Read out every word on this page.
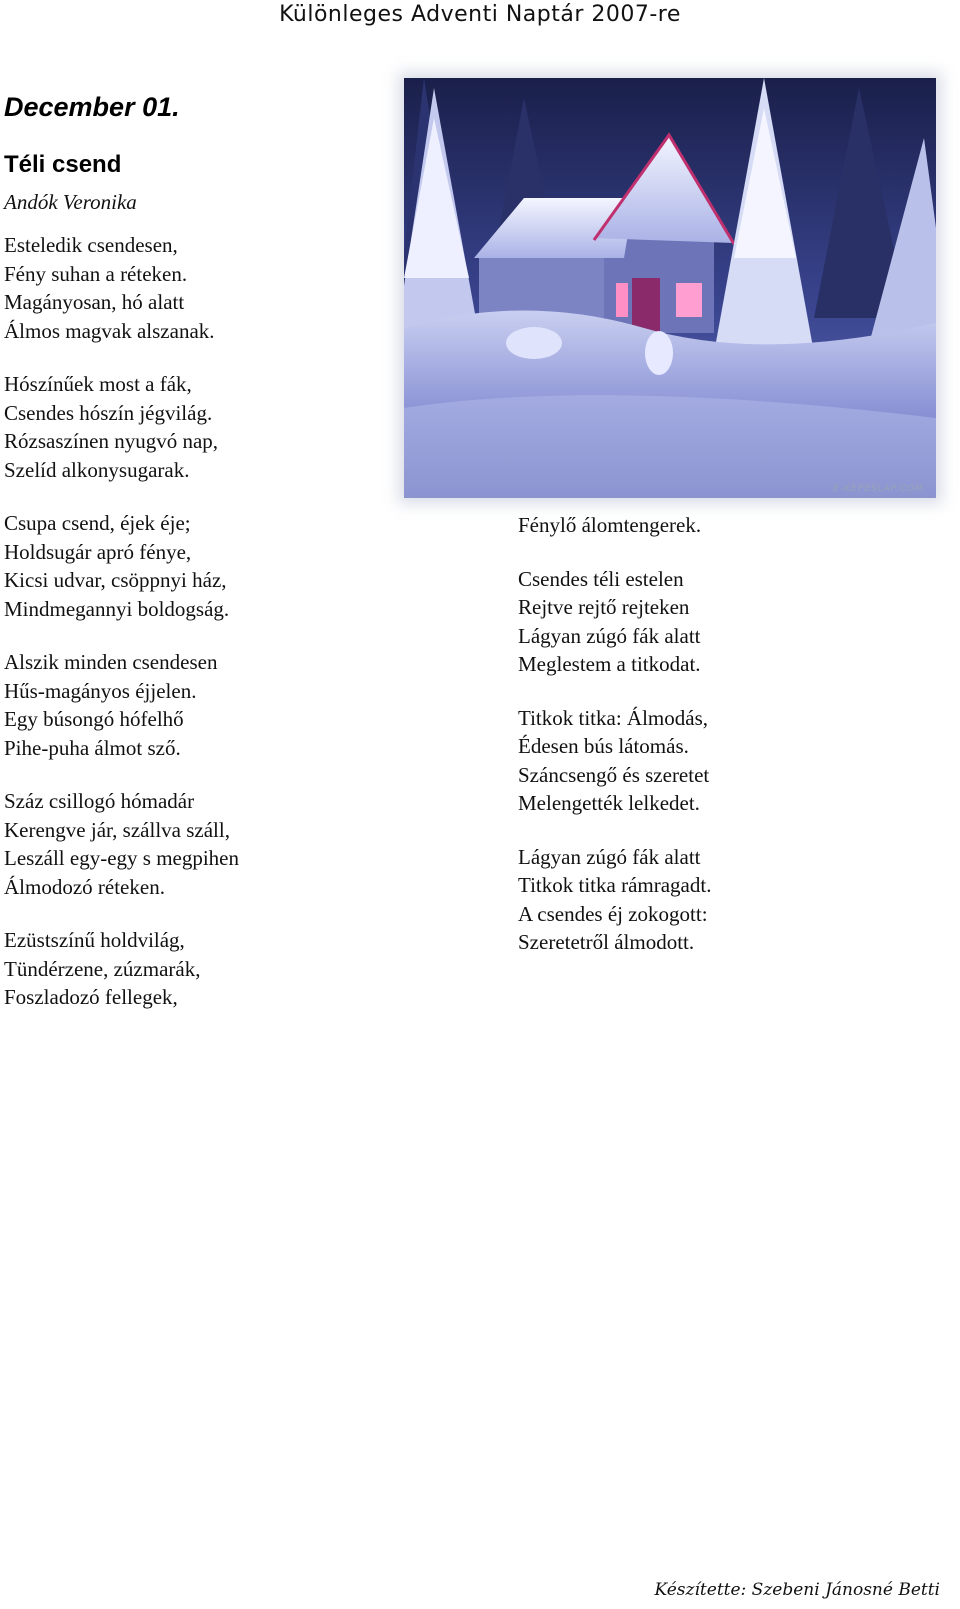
Különleges Adventi Naptár 2007-re
December 01.
Téli csend
Andók Veronika
Esteledik csendesen,
Fény suhan a réteken.
Magányosan, hó alatt
Álmos magvak alszanak.
Hószínűek most a fák,
Csendes hószín jégvilág.
Rózsaszínen nyugvó nap,
Szelíd alkonysugarak.
Csupa csend, éjek éje;
Holdsugár apró fénye,
Kicsi udvar, csöppnyi ház,
Mindmegannyi boldogság.
Alszik minden csendesen
Hűs-magányos éjjelen.
Egy búsongó hófelhő
Pihe-puha álmot sző.
Száz csillogó hómadár
Kerengve jár, szállva száll,
Leszáll egy-egy s megpihen
Álmodozó réteken.
Ezüstszínű holdvilág,
Tündérzene, zúzmarák,
Foszladozó fellegek,
Fénylő álomtengerek.
Csendes téli estelen
Rejtve rejtő rejteken
Lágyan zúgó fák alatt
Meglestem a titkodat.
Titkok titka: Álmodás,
Édesen bús látomás.
Száncsengő és szeretet
Melengették lelkedet.
Lágyan zúgó fák alatt
Titkok titka rámragadt.
A csendes éj zokogott:
Szeretetről álmodott.
E-KEPESLAP.COM
Készítette: Szebeni Jánosné Betti
